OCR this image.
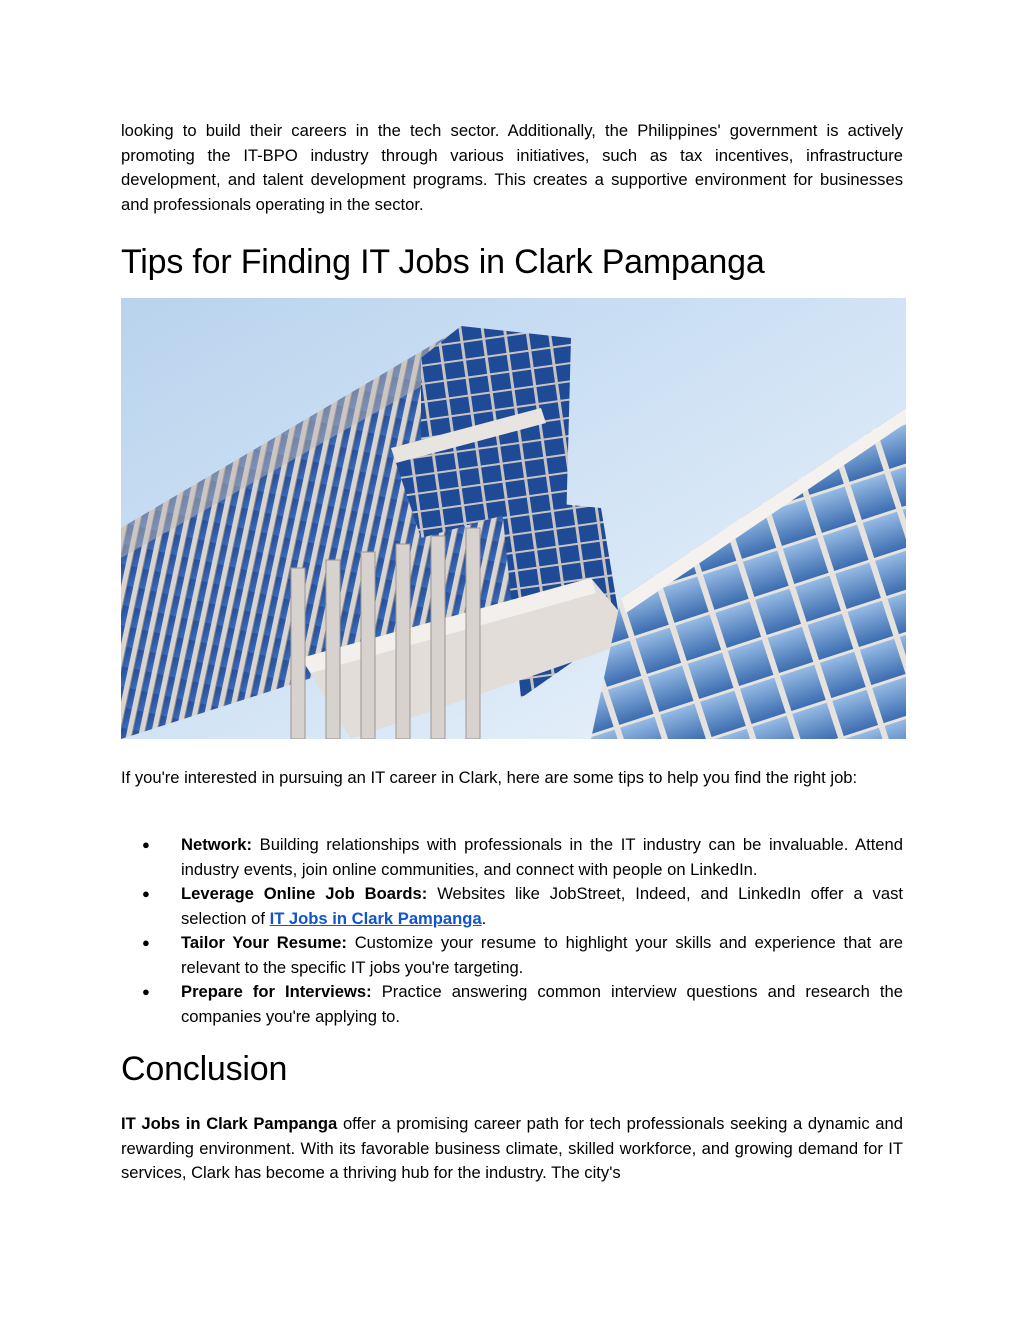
looking to build their careers in the tech sector. Additionally, the Philippines' government is actively promoting the IT-BPO industry through various initiatives, such as tax incentives, infrastructure development, and talent development programs. This creates a supportive environment for businesses and professionals operating in the sector.

Tips for Finding IT Jobs in Clark Pampanga

If you're interested in pursuing an IT career in Clark, here are some tips to help you find the right job:

● Network: Building relationships with professionals in the IT industry can be invaluable. Attend industry events, join online communities, and connect with people on LinkedIn.
● Leverage Online Job Boards: Websites like JobStreet, Indeed, and LinkedIn offer a vast selection of IT Jobs in Clark Pampanga.
● Tailor Your Resume: Customize your resume to highlight your skills and experience that are relevant to the specific IT jobs you're targeting.
● Prepare for Interviews: Practice answering common interview questions and research the companies you're applying to.
Conclusion

IT Jobs in Clark Pampanga offer a promising career path for tech professionals seeking a dynamic and rewarding environment. With its favorable business climate, skilled workforce, and growing demand for IT services, Clark has become a thriving hub for the industry. The city's
